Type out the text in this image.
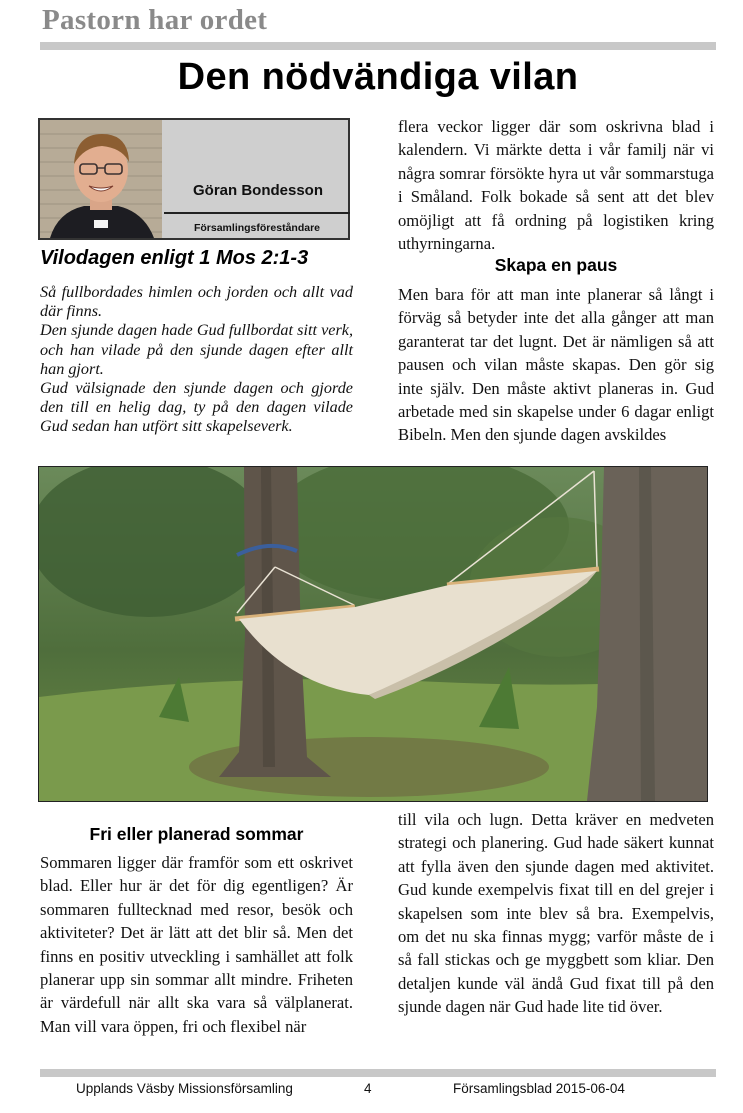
Pastorn har ordet
Den nödvändiga vilan
Göran Bondesson
Församlingsföreståndare
Vilodagen enligt 1 Mos 2:1-3

Så fullbordades himlen och jorden och allt vad där finns.

Den sjunde dagen hade Gud fullbordat sitt verk, och han vilade på den sjunde dagen efter allt han gjort.

Gud välsignade den sjunde dagen och gjorde den till en helig dag, ty på den dagen vilade Gud sedan han utfört sitt skapelseverk.

flera veckor ligger där som oskrivna blad i kalendern. Vi märkte detta i vår familj när vi några somrar försökte hyra ut vår sommarstuga i Småland. Folk bokade så sent att det blev omöjligt att få ordning på logistiken kring uthyrningarna.

Skapa en paus

Men bara för att man inte planerar så långt i förväg så betyder inte det alla gånger att man garanterat tar det lugnt. Det är nämligen så att pausen och vilan måste skapas. Den gör sig inte själv. Den måste aktivt planeras in. Gud arbetade med sin skapelse under 6 dagar enligt Bibeln. Men den sjunde dagen avskildes

Fri eller planerad sommar

Sommaren ligger där framför som ett oskrivet blad. Eller hur är det för dig egentligen? Är sommaren fulltecknad med resor, besök och aktiviteter? Det är lätt att det blir så. Men det finns en positiv utveckling i samhället att folk planerar upp sin sommar allt mindre. Friheten är värdefull när allt ska vara så välplanerat. Man vill vara öppen, fri och flexibel när

till vila och lugn. Detta kräver en medveten strategi och planering. Gud hade säkert kunnat att fylla även den sjunde dagen med aktivitet. Gud kunde exempelvis fixat till en del grejer i skapelsen som inte blev så bra. Exempelvis, om det nu ska finnas mygg; varför måste de i så fall stickas och ge myggbett som kliar. Den detaljen kunde väl ändå Gud fixat till på den sjunde dagen när Gud hade lite tid över.

Upplands Väsby Missionsförsamling	4	Församlingsblad 2015-06-04
